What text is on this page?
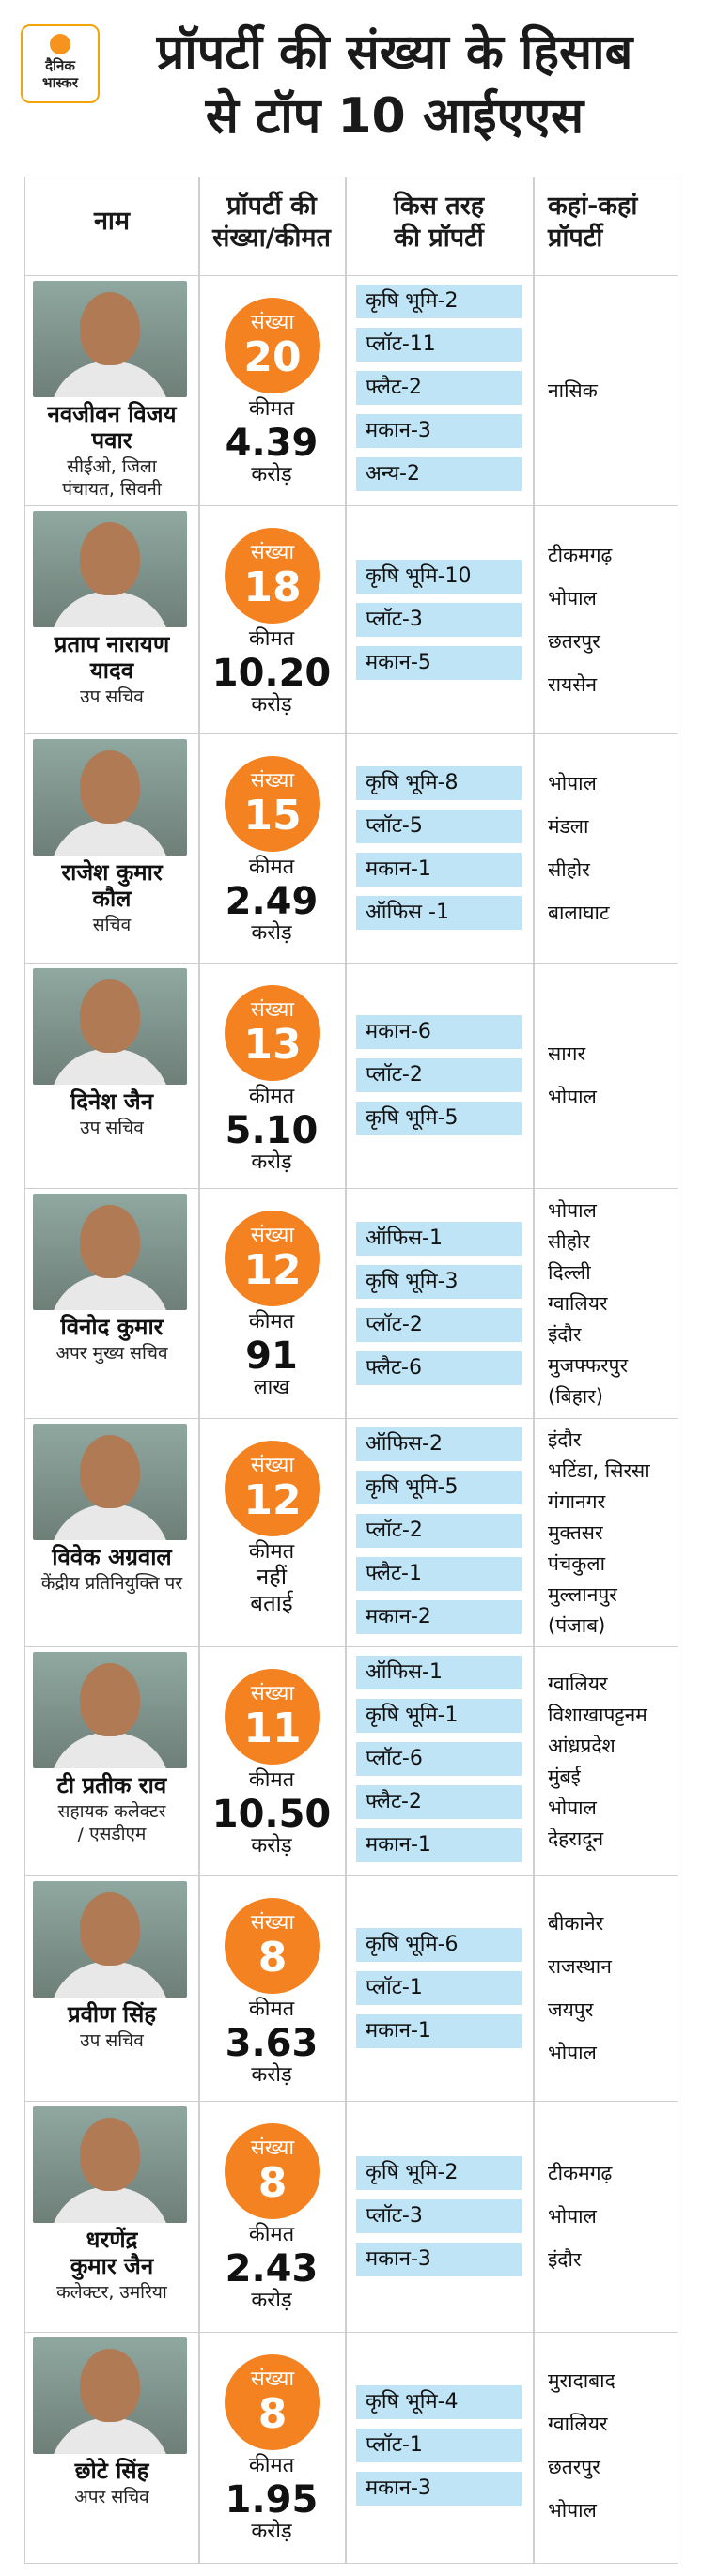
दैनिक
भास्कर
प्रॉपर्टी की संख्या के हिसाब
से टॉप 10 आईएएस
नाम
प्रॉपर्टी की
संख्या/कीमत
किस तरह
की प्रॉपर्टी
कहां-कहां
प्रॉपर्टी
नवजीवन विजय
पवार
सीईओ, जिला
पंचायत, सिवनी
संख्या
20
कीमत
4.39
करोड़
कृषि भूमि-2
प्लॉट-11
फ्लैट-2
मकान-3
अन्य-2
नासिक
प्रताप नारायण
यादव
उप सचिव
संख्या
18
कीमत
10.20
करोड़
कृषि भूमि-10
प्लॉट-3
मकान-5
टीकमगढ़
भोपाल
छतरपुर
रायसेन
राजेश कुमार
कौल
सचिव
संख्या
15
कीमत
2.49
करोड़
कृषि भूमि-8
प्लॉट-5
मकान-1
ऑफिस -1
भोपाल
मंडला
सीहोर
बालाघाट
दिनेश जैन
उप सचिव
संख्या
13
कीमत
5.10
करोड़
मकान-6
प्लॉट-2
कृषि भूमि-5
सागर
भोपाल
विनोद कुमार
अपर मुख्य सचिव
संख्या
12
कीमत
91
लाख
ऑफिस-1
कृषि भूमि-3
प्लॉट-2
फ्लैट-6
भोपाल
सीहोर
दिल्ली
ग्वालियर
इंदौर
मुजफ्फरपुर
(बिहार)
विवेक अग्रवाल
केंद्रीय प्रतिनियुक्ति पर
संख्या
12
कीमत
नहीं
बताई
ऑफिस-2
कृषि भूमि-5
प्लॉट-2
फ्लैट-1
मकान-2
इंदौर
भटिंडा, सिरसा
गंगानगर
मुक्तसर
पंचकुला
मुल्लानपुर
(पंजाब)
टी प्रतीक राव
सहायक कलेक्टर
/ एसडीएम
संख्या
11
कीमत
10.50
करोड़
ऑफिस-1
कृषि भूमि-1
प्लॉट-6
फ्लैट-2
मकान-1
ग्वालियर
विशाखापट्टनम
आंध्रप्रदेश
मुंबई
भोपाल
देहरादून
प्रवीण सिंह
उप सचिव
संख्या
8
कीमत
3.63
करोड़
कृषि भूमि-6
प्लॉट-1
मकान-1
बीकानेर
राजस्थान
जयपुर
भोपाल
धरणेंद्र
कुमार जैन
कलेक्टर, उमरिया
संख्या
8
कीमत
2.43
करोड़
कृषि भूमि-2
प्लॉट-3
मकान-3
टीकमगढ़
भोपाल
इंदौर
छोटे सिंह
अपर सचिव
संख्या
8
कीमत
1.95
करोड़
कृषि भूमि-4
प्लॉट-1
मकान-3
मुरादाबाद
ग्वालियर
छतरपुर
भोपाल
